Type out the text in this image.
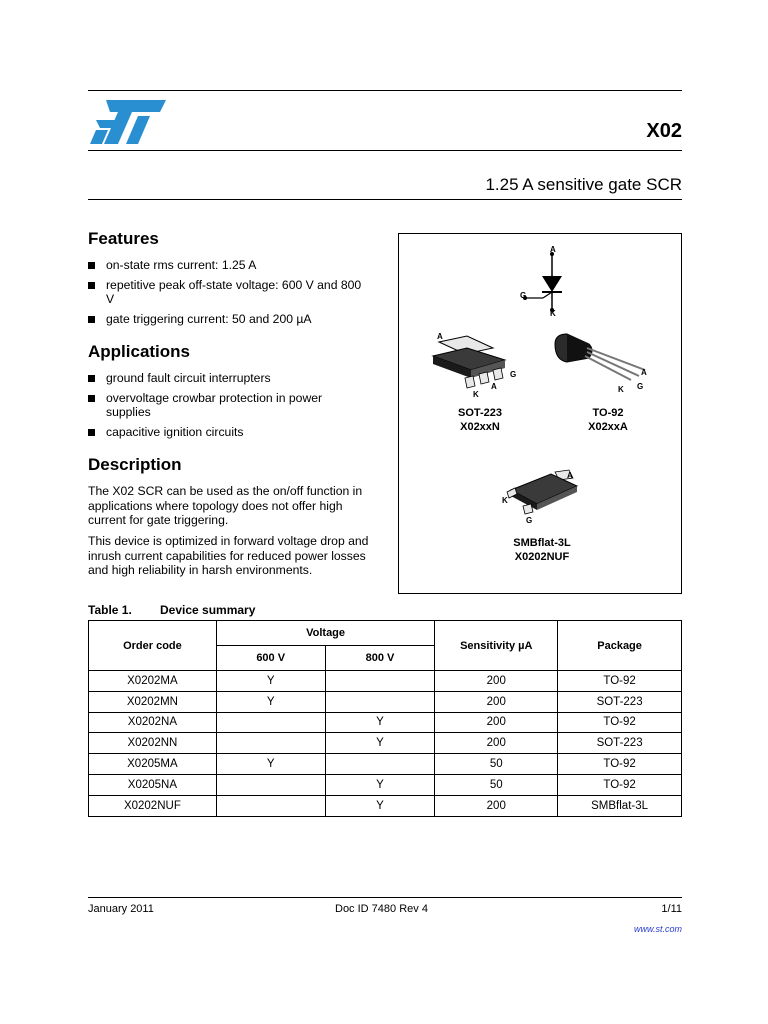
X02
1.25 A sensitive gate SCR
Features
on-state rms current: 1.25 A
repetitive peak off-state voltage: 600 V and 800 V
gate triggering current: 50 and 200 µA
Applications
ground fault circuit interrupters
overvoltage crowbar protection in power supplies
capacitive ignition circuits
Description

The X02 SCR can be used as the on/off function in applications where topology does not offer high current for gate triggering.

This device is optimized in forward voltage drop and inrush current capabilities for reduced power losses and high reliability in harsh environments.

A
G
K
A
K
A
G
SOT-223
X02xxN
A
K G
TO-92
X02xxA
A
K
G
SMBflat-3L
X0202NUF
Table 1. Device summary
Order code	Voltage		Sensitivity µA	Package
	600 V	800 V		
X0202MA	Y		200	TO-92
X0202MN	Y		200	SOT-223
X0202NA		Y	200	TO-92
X0202NN		Y	200	SOT-223
X0205MA	Y		50	TO-92
X0205NA		Y	50	TO-92
X0202NUF		Y	200	SMBflat-3L
January 2011	Doc ID 7480 Rev 4	1/11
www.st.com
